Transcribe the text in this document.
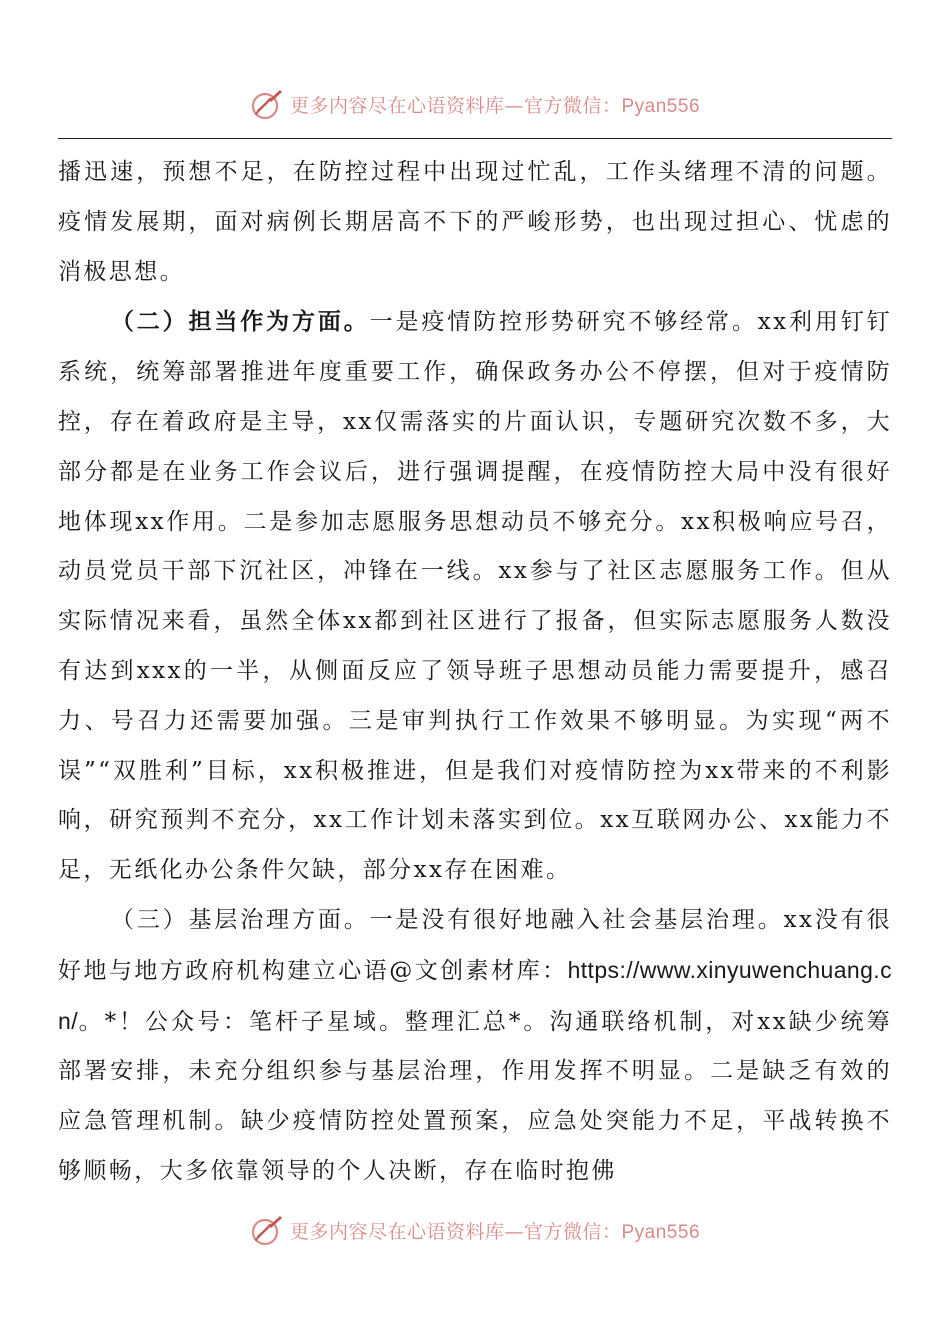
更多内容尽在心语资料库—官方微信：Pyan556

播迅速，预想不足，在防控过程中出现过忙乱，工作头绪理不清的问题。疫情发展期，面对病例长期居高不下的严峻形势，也出现过担心、忧虑的消极思想。

（二）担当作为方面。一是疫情防控形势研究不够经常。xx利用钉钉系统，统筹部署推进年度重要工作，确保政务办公不停摆，但对于疫情防控，存在着政府是主导，xx仅需落实的片面认识，专题研究次数不多，大部分都是在业务工作会议后，进行强调提醒，在疫情防控大局中没有很好地体现xx作用。二是参加志愿服务思想动员不够充分。xx积极响应号召，动员党员干部下沉社区，冲锋在一线。xx参与了社区志愿服务工作。但从实际情况来看，虽然全体xx都到社区进行了报备，但实际志愿服务人数没有达到xxx的一半，从侧面反应了领导班子思想动员能力需要提升，感召力、号召力还需要加强。三是审判执行工作效果不够明显。为实现“两不误”“双胜利”目标，xx积极推进，但是我们对疫情防控为xx带来的不利影响，研究预判不充分，xx工作计划未落实到位。xx互联网办公、xx能力不足，无纸化办公条件欠缺，部分xx存在困难。

（三）基层治理方面。一是没有很好地融入社会基层治理。xx没有很好地与地方政府机构建立心语@文创素材库：https://www.xinyuwenchuang.cn/。*！公众号：笔杆子星域。整理汇总*。沟通联络机制，对xx缺少统筹部署安排，未充分组织参与基层治理，作用发挥不明显。二是缺乏有效的应急管理机制。缺少疫情防控处置预案，应急处突能力不足，平战转换不够顺畅，大多依靠领导的个人决断，存在临时抱佛

更多内容尽在心语资料库—官方微信：Pyan556
